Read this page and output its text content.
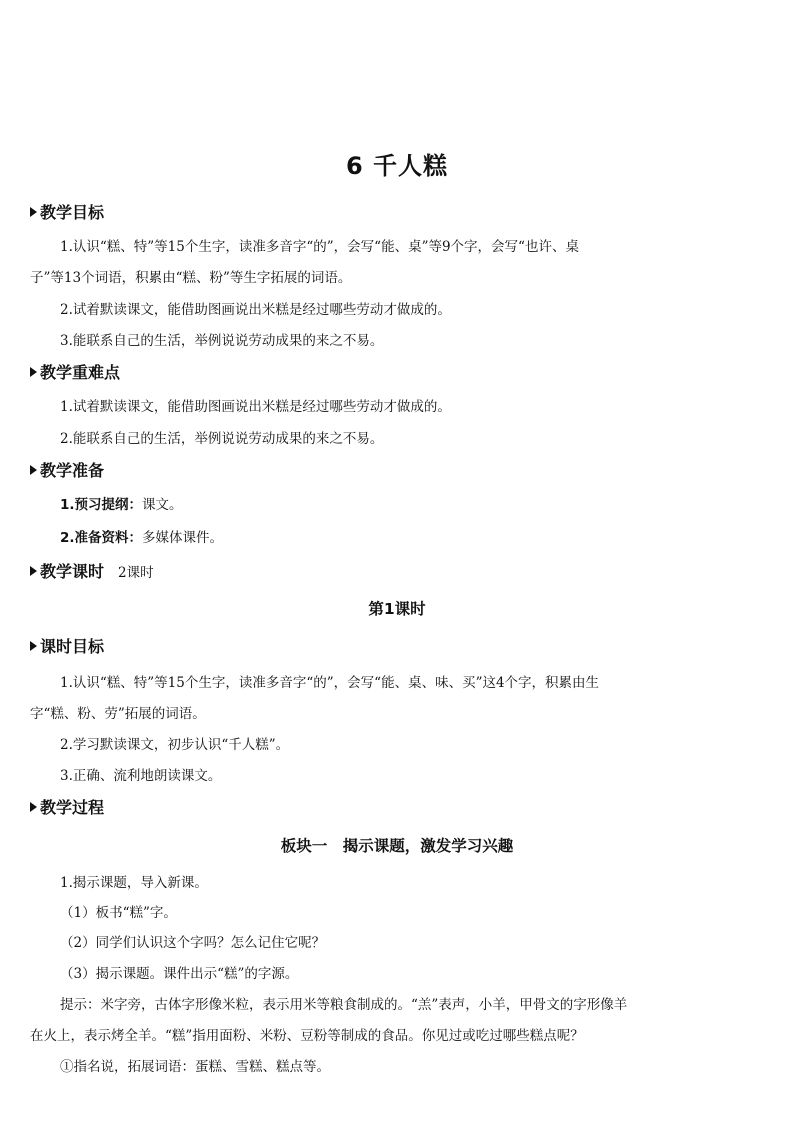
6 千人糕
教学目标
1.认识“糕、特”等15个生字，读准多音字“的”，会写“能、桌”等9个字，会写“也许、桌
子”等13个词语，积累由“糕、粉”等生字拓展的词语。
2.试着默读课文，能借助图画说出米糕是经过哪些劳动才做成的。
3.能联系自己的生活，举例说说劳动成果的来之不易。
教学重难点
1.试着默读课文，能借助图画说出米糕是经过哪些劳动才做成的。
2.能联系自己的生活，举例说说劳动成果的来之不易。
教学准备
1.预习提纲：课文。
2.准备资料：多媒体课件。
教学课时 2课时
第1课时
课时目标
1.认识“糕、特”等15个生字，读准多音字“的”，会写“能、桌、味、买”这4个字，积累由生
字“糕、粉、劳”拓展的词语。
2.学习默读课文，初步认识“千人糕”。
3.正确、流利地朗读课文。
教学过程
板块一　揭示课题，激发学习兴趣
1.揭示课题，导入新课。
（1）板书“糕”字。
（2）同学们认识这个字吗？怎么记住它呢？
（3）揭示课题。课件出示“糕”的字源。
提示：米字旁，古体字形像米粒，表示用米等粮食制成的。“羔”表声，小羊，甲骨文的字形像羊
在火上，表示烤全羊。“糕”指用面粉、米粉、豆粉等制成的食品。你见过或吃过哪些糕点呢？
①指名说，拓展词语：蛋糕、雪糕、糕点等。
